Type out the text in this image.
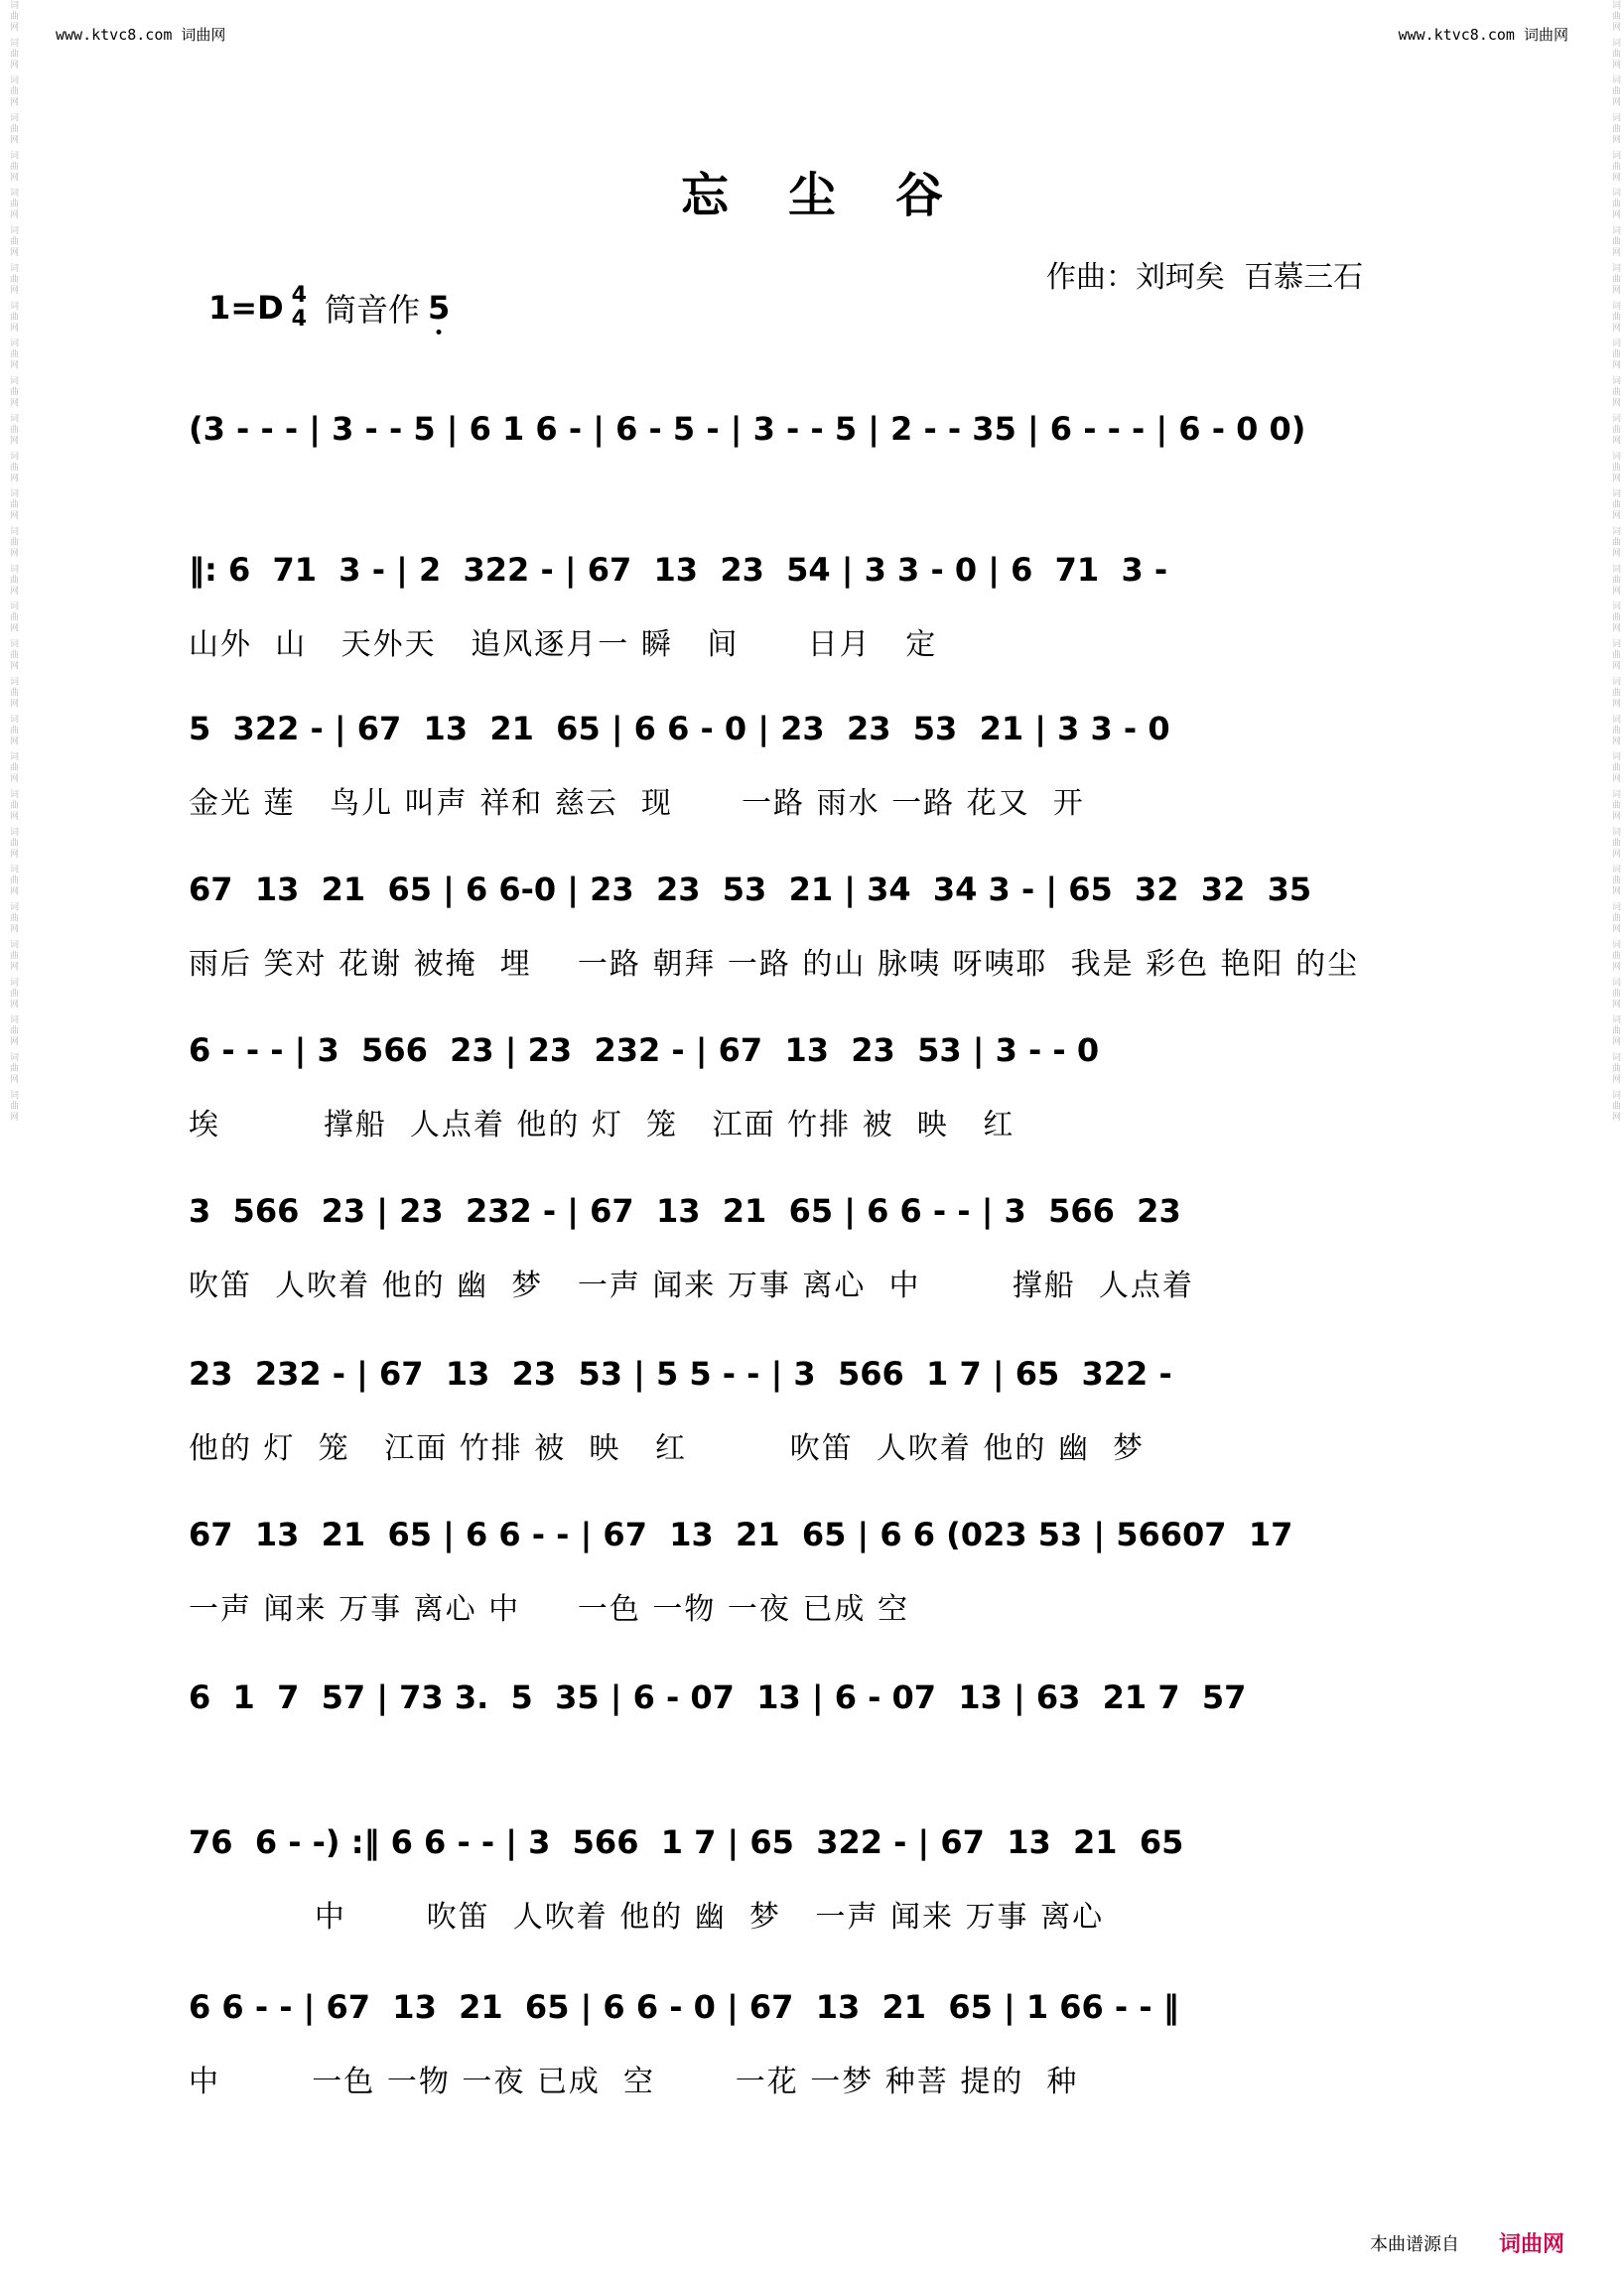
www.ktvc8.com 词曲网	www.ktvc8.com 词曲网
词曲网 词曲网 词曲网 词曲网 词曲网 词曲网 词曲网 词曲网 词曲网 词曲网 词曲网 词曲网 词曲网 词曲网 词曲网 词曲网 词曲网 词曲网 词曲网 词曲网 词曲网 词曲网 词曲网 词曲网 词曲网 词曲网 词曲网 词曲网 词曲网 词曲网	词曲网 词曲网 词曲网 词曲网 词曲网 词曲网 词曲网 词曲网 词曲网 词曲网 词曲网 词曲网 词曲网 词曲网 词曲网 词曲网 词曲网 词曲网 词曲网 词曲网 词曲网 词曲网 词曲网 词曲网 词曲网 词曲网 词曲网 词曲网 词曲网 词曲网
忘尘谷
作曲：刘珂矣  百慕三石
1=D 4
4 筒音作 5
(3 - - - | 3 - - 5 | 6 1 6 - | 6 - 5 - | 3 - - 5 | 2 - - 35 | 6 - - - | 6 - 0 0)
‖: 6  71  3 - | 2  322 - | 67  13  23  54 | 3 3 - 0 | 6  71  3 -
山外  山   天外天   追风逐月一 瞬   间      日月   定
5  322 - | 67  13  21  65 | 6 6 - 0 | 23  23  53  21 | 3 3 - 0
金光 莲   鸟儿 叫声 祥和 慈云  现      一路 雨水 一路 花又  开
67  13  21  65 | 6 6-0 | 23  23  53  21 | 34  34 3 - | 65  32  32  35
雨后 笑对 花谢 被掩  埋    一路 朝拜 一路 的山 脉咦 呀咦耶  我是 彩色 艳阳 的尘
6 - - - | 3  566  23 | 23  232 - | 67  13  23  53 | 3 - - 0
埃         撑船  人点着 他的 灯  笼   江面 竹排 被  映   红
3  566  23 | 23  232 - | 67  13  21  65 | 6 6 - - | 3  566  23
吹笛  人吹着 他的 幽  梦   一声 闻来 万事 离心  中        撑船  人点着
23  232 - | 67  13  23  53 | 5 5 - - | 3  566  1 7 | 65  322 -
他的 灯  笼   江面 竹排 被  映   红         吹笛  人吹着 他的 幽  梦
67  13  21  65 | 6 6 - - | 67  13  21  65 | 6 6 (023 53 | 56607  17
一声 闻来 万事 离心 中     一色 一物 一夜 已成 空
6  1  7  57 | 73 3.  5  35 | 6 - 07  13 | 6 - 07  13 | 63  21 7  57
76  6 - -) :‖ 6 6 - - | 3  566  1 7 | 65  322 - | 67  13  21  65
中       吹笛  人吹着 他的 幽  梦   一声 闻来 万事 离心
6 6 - - | 67  13  21  65 | 6 6 - 0 | 67  13  21  65 | 1 66 - - ‖
中        一色 一物 一夜 已成  空       一花 一梦 种菩 提的  种
本曲谱源自 词曲网
